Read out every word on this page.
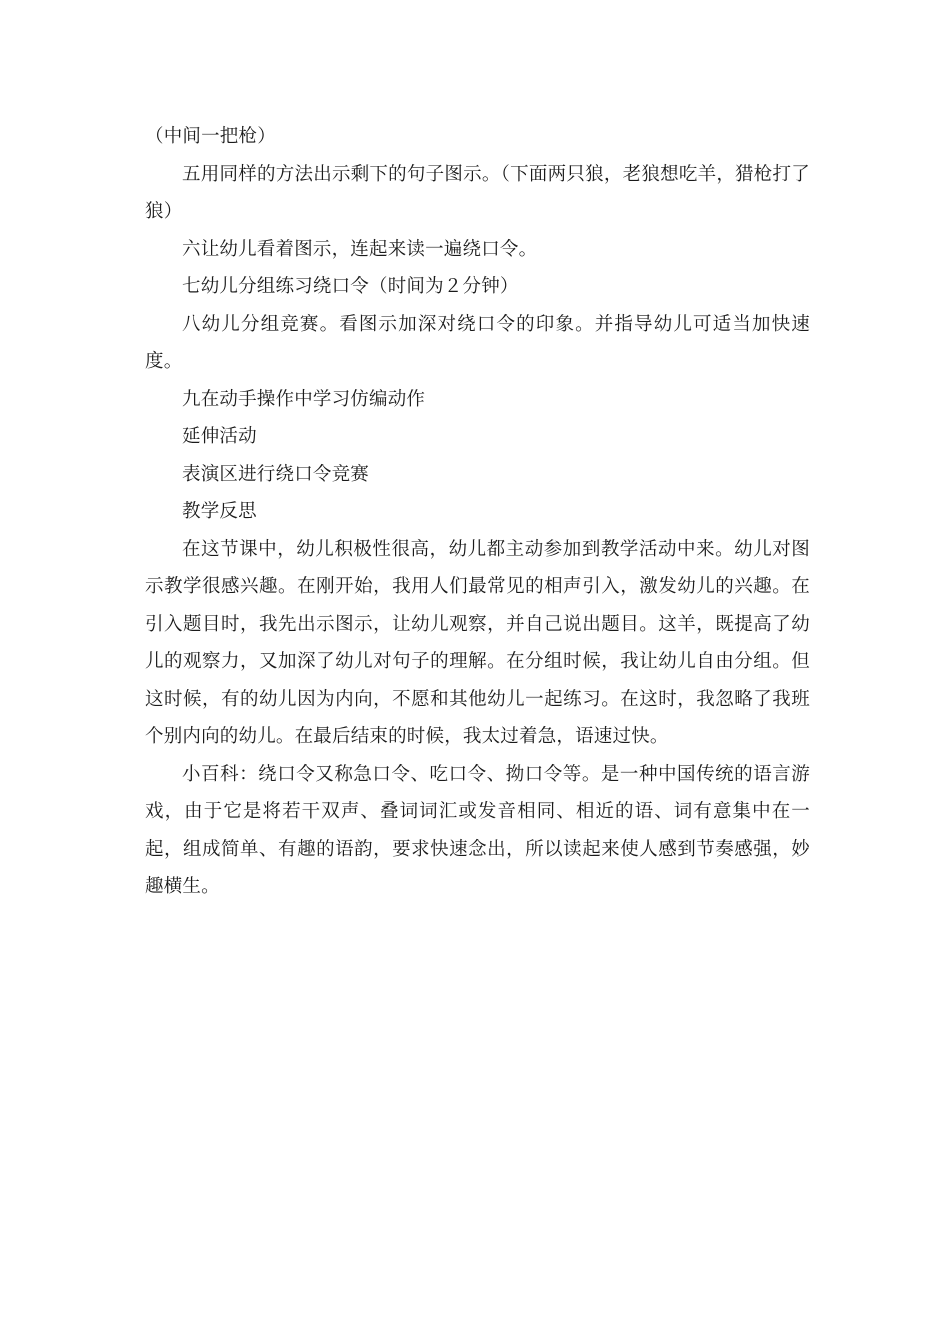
（中间一把枪）

五用同样的方法出示剩下的句子图示。（下面两只狼，老狼想吃羊，猎枪打了狼）

六让幼儿看着图示，连起来读一遍绕口令。

七幼儿分组练习绕口令（时间为２分钟）

八幼儿分组竞赛。看图示加深对绕口令的印象。并指导幼儿可适当加快速度。

九在动手操作中学习仿编动作

延伸活动

表演区进行绕口令竞赛

教学反思

在这节课中，幼儿积极性很高，幼儿都主动参加到教学活动中来。幼儿对图示教学很感兴趣。在刚开始，我用人们最常见的相声引入，激发幼儿的兴趣。在引入题目时，我先出示图示，让幼儿观察，并自己说出题目。这羊，既提高了幼儿的观察力，又加深了幼儿对句子的理解。在分组时候，我让幼儿自由分组。但这时候，有的幼儿因为内向，不愿和其他幼儿一起练习。在这时，我忽略了我班个别内向的幼儿。在最后结束的时候，我太过着急，语速过快。

小百科：绕口令又称急口令、吃口令、拗口令等。是一种中国传统的语言游戏，由于它是将若干双声、叠词词汇或发音相同、相近的语、词有意集中在一起，组成简单、有趣的语韵，要求快速念出，所以读起来使人感到节奏感强，妙趣横生。
